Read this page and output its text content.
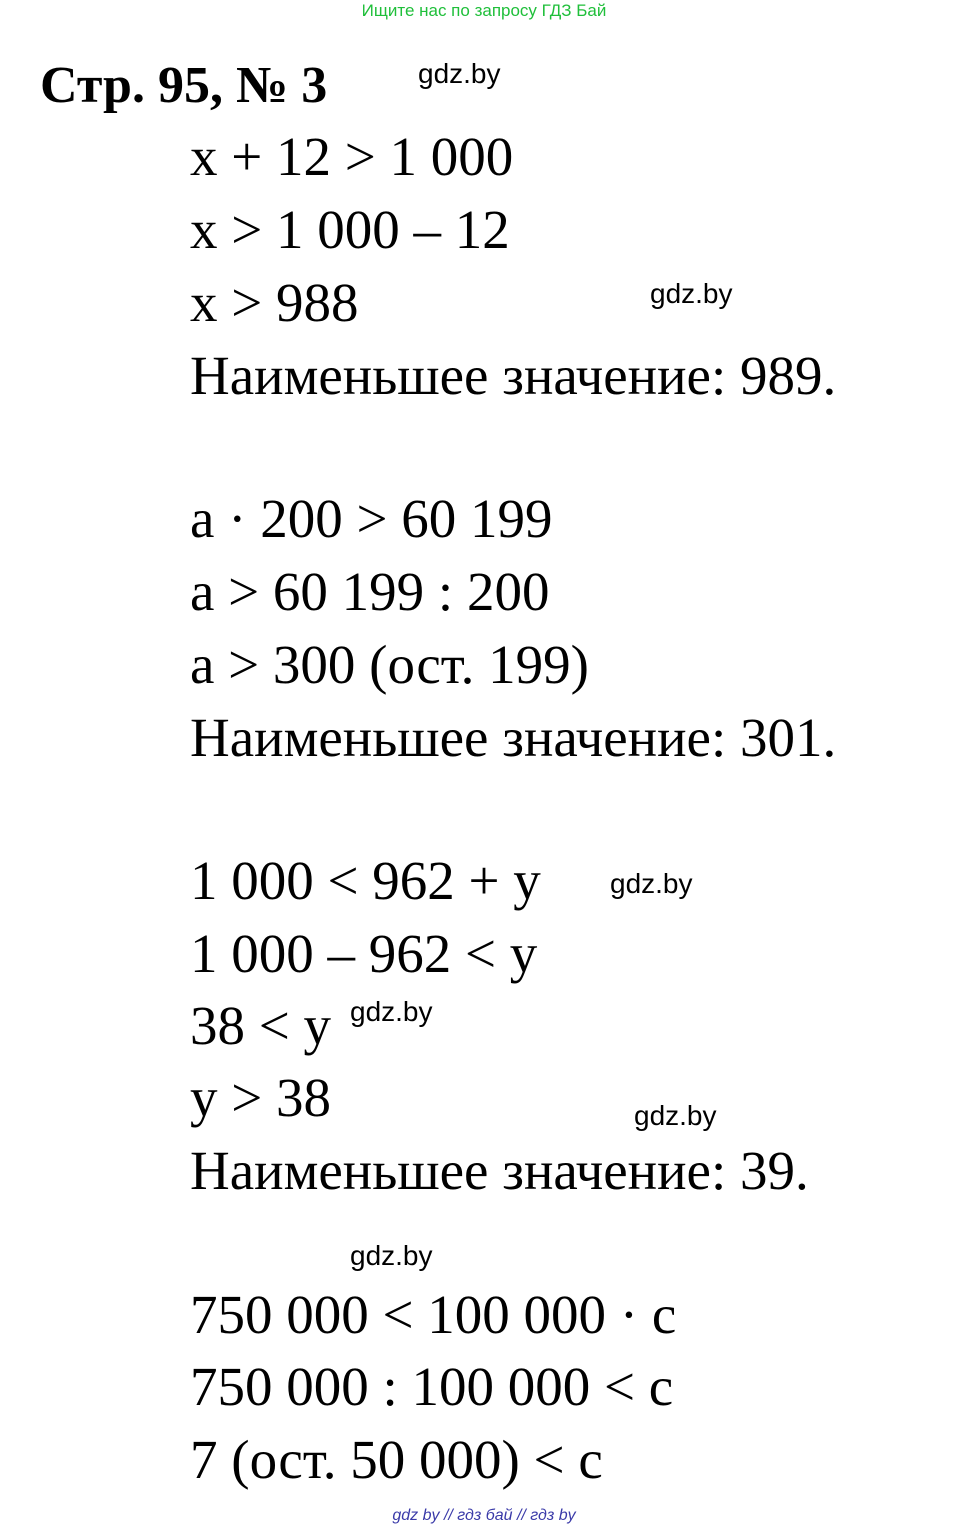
Ищите нас по запросу ГДЗ Бай
Стр. 95, № 3	gdz.by
x + 12 > 1 000
x > 1 000 – 12
x > 988	gdz.by
Наименьшее значение: 989.
a · 200 > 60 199
a > 60 199 : 200
a > 300 (ост. 199)
Наименьшее значение: 301.
1 000 < 962 + y gdz.by
1 000 – 962 < y
38 < y gdz.by
y > 38	gdz.by
Наименьшее значение: 39.
gdz.by
750 000 < 100 000 · c
750 000 : 100 000 < c
7 (ост. 50 000) < c
gdz by // гдз бай // гдз by
